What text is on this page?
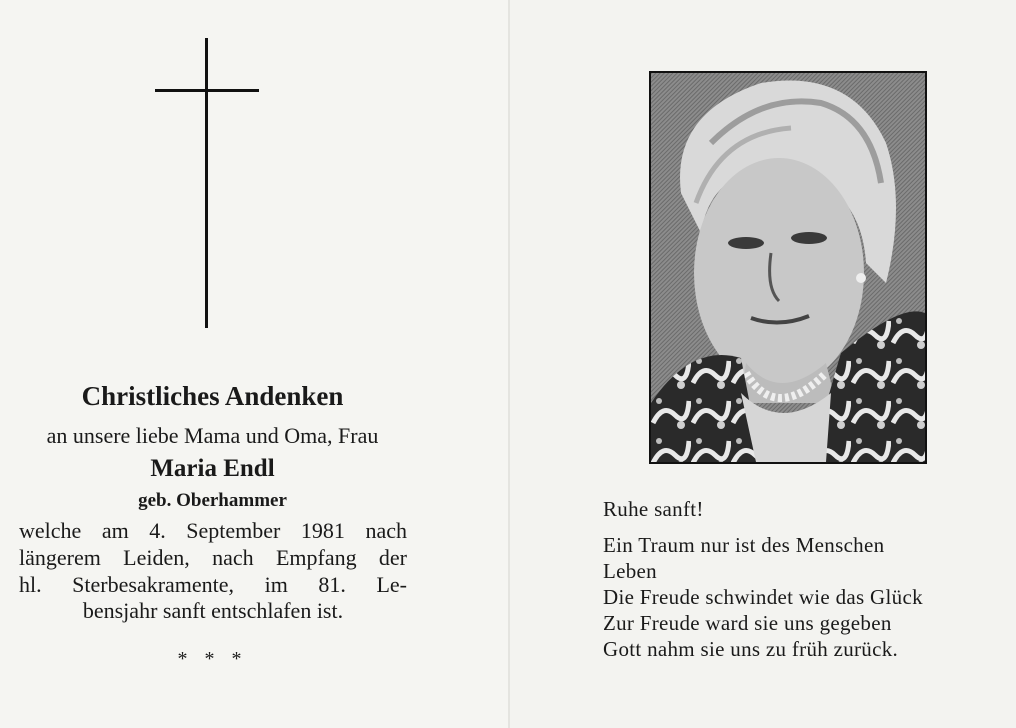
Christliches Andenken
an unsere liebe Mama und Oma, Frau
Maria Endl
geb. Oberhammer
welche am 4. September 1981 nach
längerem Leiden, nach Empfang der
hl. Sterbesakramente, im 81. Le-
bensjahr sanft entschlafen ist.
* * *
Ruhe sanft!
Ein Traum nur ist des Menschen
Leben
Die Freude schwindet wie das Glück
Zur Freude ward sie uns gegeben
Gott nahm sie uns zu früh zurück.
